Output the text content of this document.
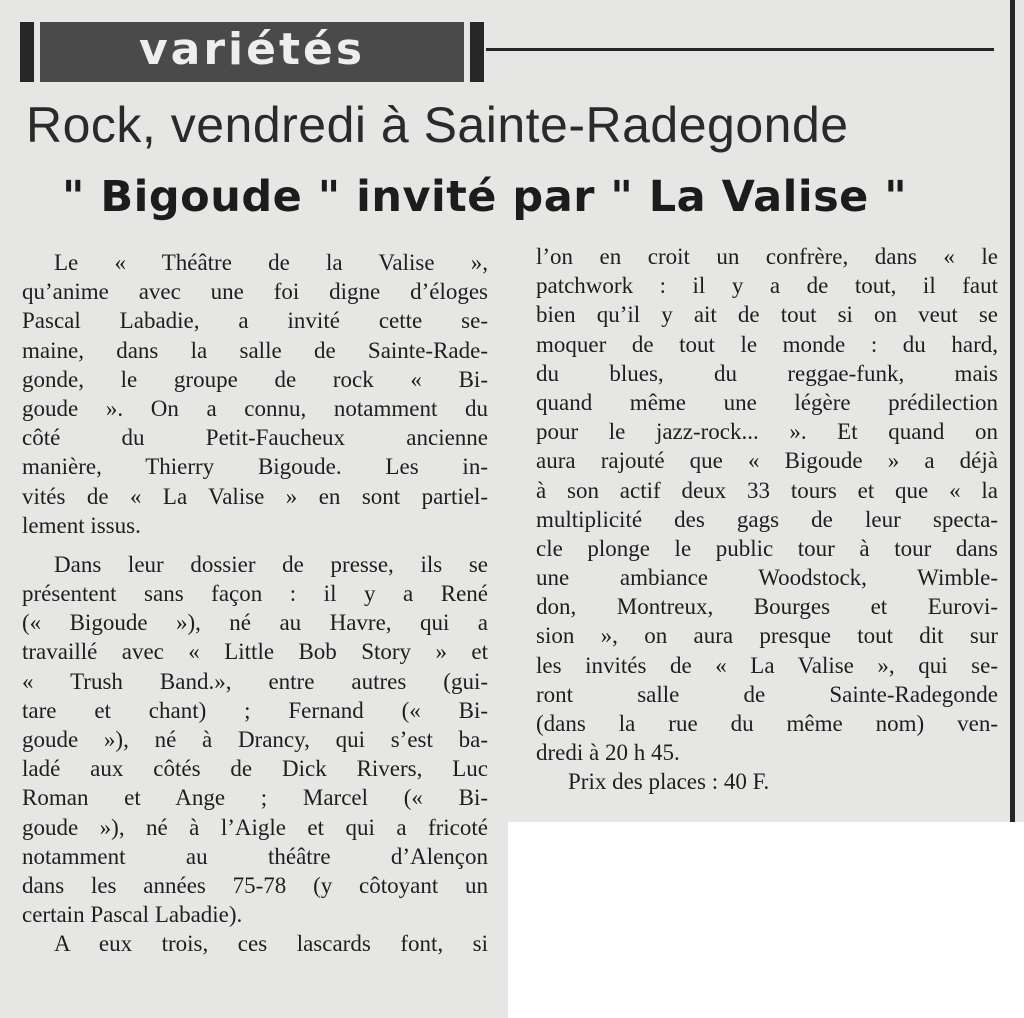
variétés
Rock, vendredi à Sainte-Radegonde
" Bigoude " invité par " La Valise "
Le « Théâtre de la Valise »,
qu’anime avec une foi digne d’éloges
Pascal Labadie, a invité cette se-
maine, dans la salle de Sainte-Rade-
gonde, le groupe de rock « Bi-
goude ». On a connu, notamment du
côté du Petit-Faucheux ancienne
manière, Thierry Bigoude. Les in-
vités de « La Valise » en sont partiel-
lement issus.
Dans leur dossier de presse, ils se
présentent sans façon : il y a René
(« Bigoude »), né au Havre, qui a
travaillé avec « Little Bob Story » et
« Trush Band.», entre autres (gui-
tare et chant) ; Fernand (« Bi-
goude »), né à Drancy, qui s’est ba-
ladé aux côtés de Dick Rivers, Luc
Roman et Ange ; Marcel (« Bi-
goude »), né à l’Aigle et qui a fricoté
notamment au théâtre d’Alençon
dans les années 75-78 (y côtoyant un
certain Pascal Labadie).
A eux trois, ces lascards font, si
l’on en croit un confrère, dans « le
patchwork : il y a de tout, il faut
bien qu’il y ait de tout si on veut se
moquer de tout le monde : du hard,
du blues, du reggae-funk, mais
quand même une légère prédilection
pour le jazz-rock... ». Et quand on
aura rajouté que « Bigoude » a déjà
à son actif deux 33 tours et que « la
multiplicité des gags de leur specta-
cle plonge le public tour à tour dans
une ambiance Woodstock, Wimble-
don, Montreux, Bourges et Eurovi-
sion », on aura presque tout dit sur
les invités de « La Valise », qui se-
ront salle de Sainte-Radegonde
(dans la rue du même nom) ven-
dredi à 20 h 45.
Prix des places : 40 F.
